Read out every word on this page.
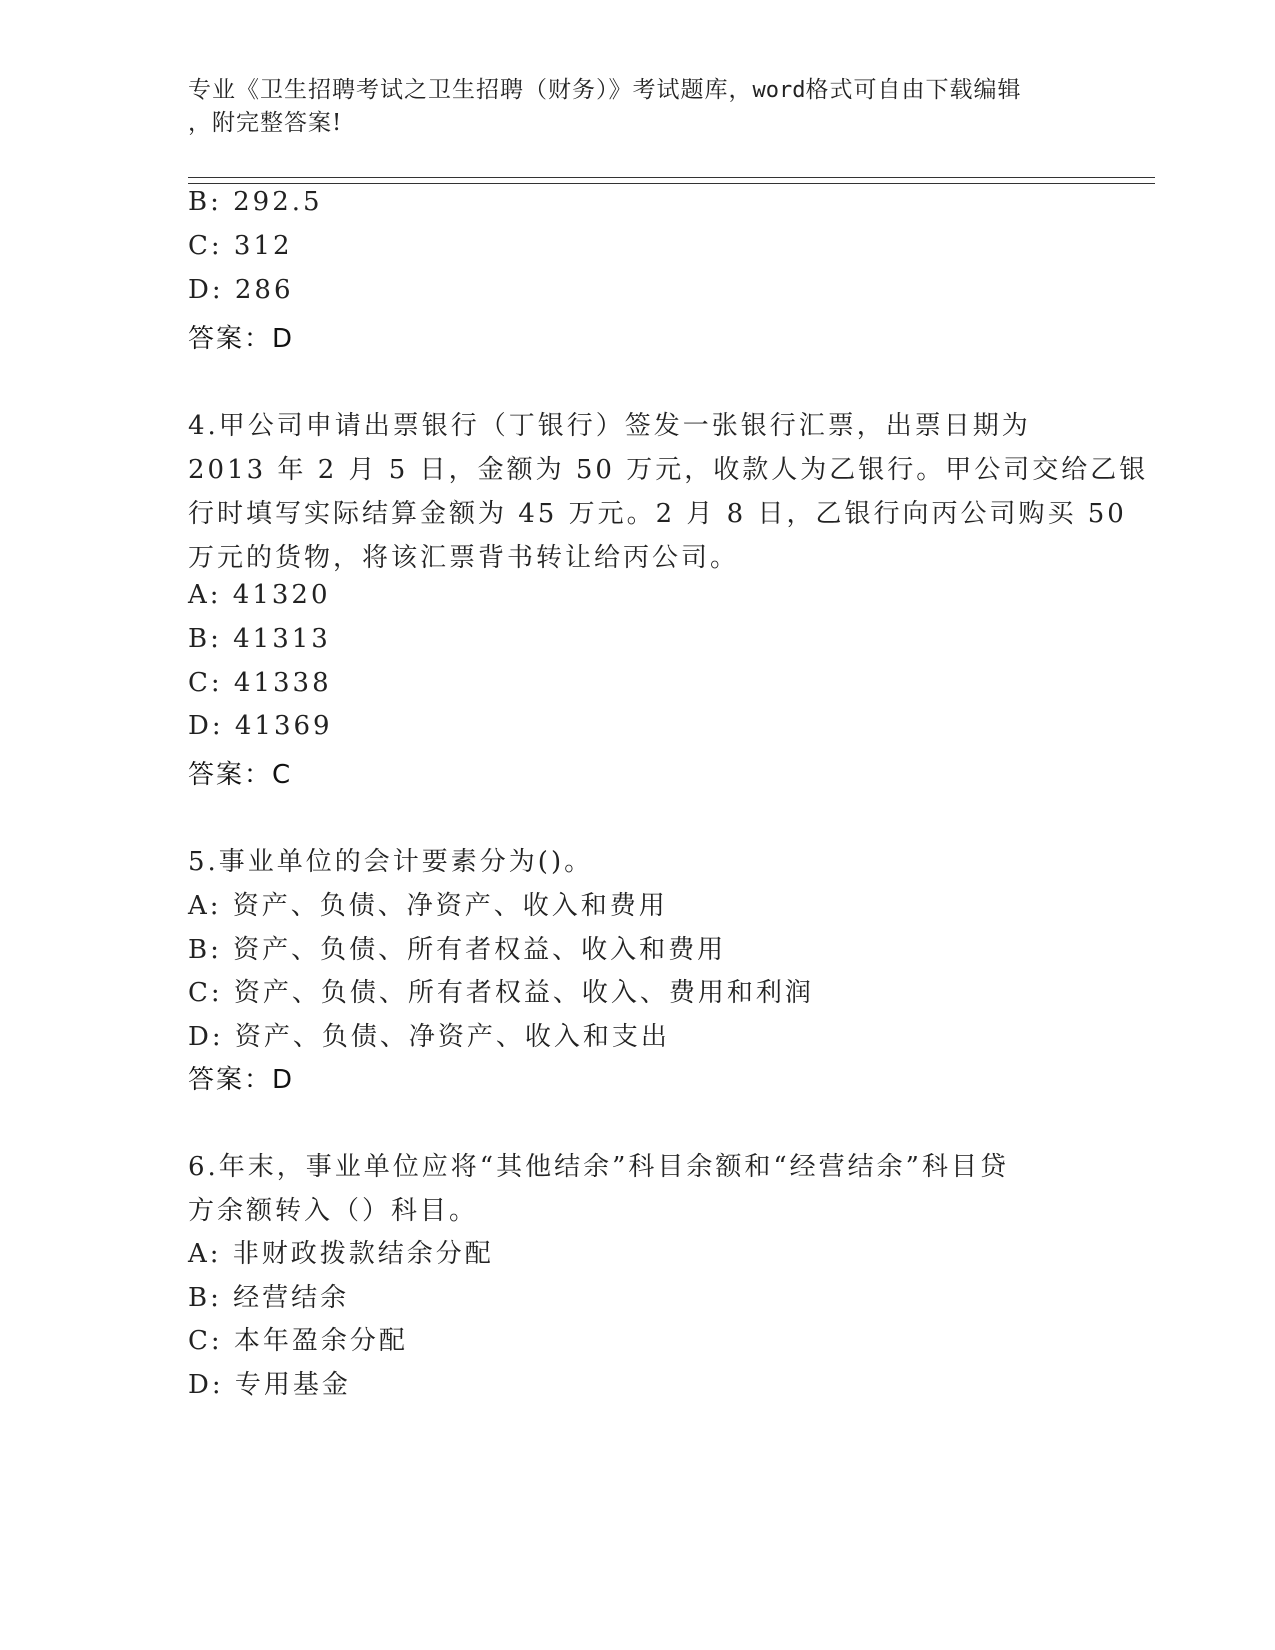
专业《卫生招聘考试之卫生招聘（财务）》考试题库，word格式可自由下载编辑
，附完整答案!
B: 292.5
C: 312
D: 286
答案：D
4.甲公司申请出票银行（丁银行）签发一张银行汇票，出票日期为
2013 年 2 月 5 日，金额为 50 万元，收款人为乙银行。甲公司交给乙银
行时填写实际结算金额为 45 万元。2 月 8 日，乙银行向丙公司购买 50
万元的货物，将该汇票背书转让给丙公司。
A: 41320
B: 41313
C: 41338
D: 41369
答案：C
5.事业单位的会计要素分为()。
A: 资产、负债、净资产、收入和费用
B: 资产、负债、所有者权益、收入和费用
C: 资产、负债、所有者权益、收入、费用和利润
D: 资产、负债、净资产、收入和支出
答案：D
6.年末，事业单位应将“其他结余”科目余额和“经营结余”科目贷
方余额转入（）科目。
A: 非财政拨款结余分配
B: 经营结余
C: 本年盈余分配
D: 专用基金
